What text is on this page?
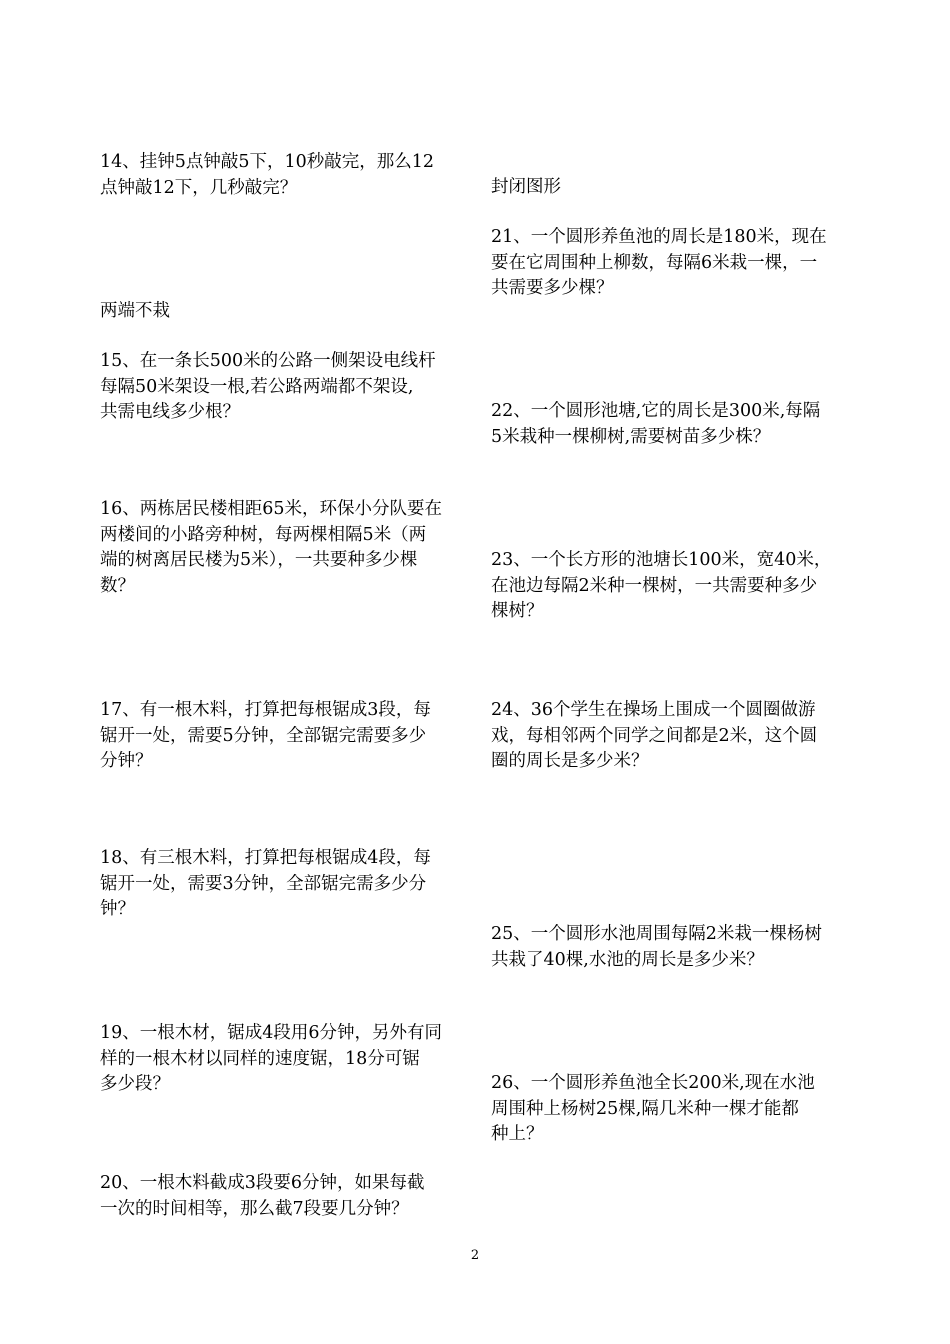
14、挂钟5点钟敲5下，10秒敲完，那么12
点钟敲12下，几秒敲完？

两端不栽

15、在一条长500米的公路一侧架设电线杆
每隔50米架设一根,若公路两端都不架设,
共需电线多少根？

16、两栋居民楼相距65米，环保小分队要在
两楼间的小路旁种树，每两棵相隔5米（两
端的树离居民楼为5米），一共要种多少棵
数？

17、有一根木料，打算把每根锯成3段，每
锯开一处，需要5分钟，全部锯完需要多少
分钟？

18、有三根木料，打算把每根锯成4段，每
锯开一处，需要3分钟，全部锯完需多少分
钟？

19、一根木材，锯成4段用6分钟，另外有同
样的一根木材以同样的速度锯，18分可锯
多少段？

20、一根木料截成3段要6分钟，如果每截
一次的时间相等，那么截7段要几分钟？

封闭图形

21、一个圆形养鱼池的周长是180米，现在
要在它周围种上柳数，每隔6米栽一棵，一
共需要多少棵？

22、一个圆形池塘,它的周长是300米,每隔
5米栽种一棵柳树,需要树苗多少株？

23、一个长方形的池塘长100米，宽40米，
在池边每隔2米种一棵树，一共需要种多少
棵树？

24、36个学生在操场上围成一个圆圈做游
戏，每相邻两个同学之间都是2米，这个圆
圈的周长是多少米？

25、一个圆形水池周围每隔2米栽一棵杨树
共栽了40棵,水池的周长是多少米？

26、一个圆形养鱼池全长200米,现在水池
周围种上杨树25棵,隔几米种一棵才能都
种上？

2
